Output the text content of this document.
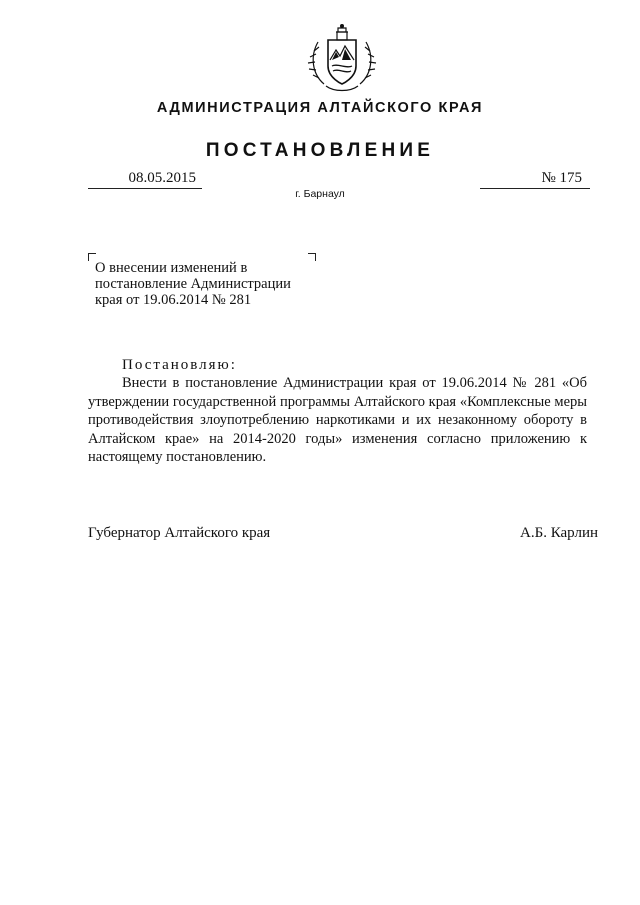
АДМИНИСТРАЦИЯ АЛТАЙСКОГО КРАЯ
ПОСТАНОВЛЕНИЕ
08.05.2015	№ 175
г. Барнаул
О внесении изменений в постановление Администрации края от 19.06.2014 № 281
Постановляю:
Внести в постановление Администрации края от 19.06.2014 № 281 «Об утверждении государственной программы Алтайского края «Комплексные меры противодействия злоупотреблению наркотиками и их незаконному обороту в Алтайском крае» на 2014-2020 годы» изменения согласно приложению к настоящему постановлению.
Губернатор Алтайского края	А.Б. Карлин
